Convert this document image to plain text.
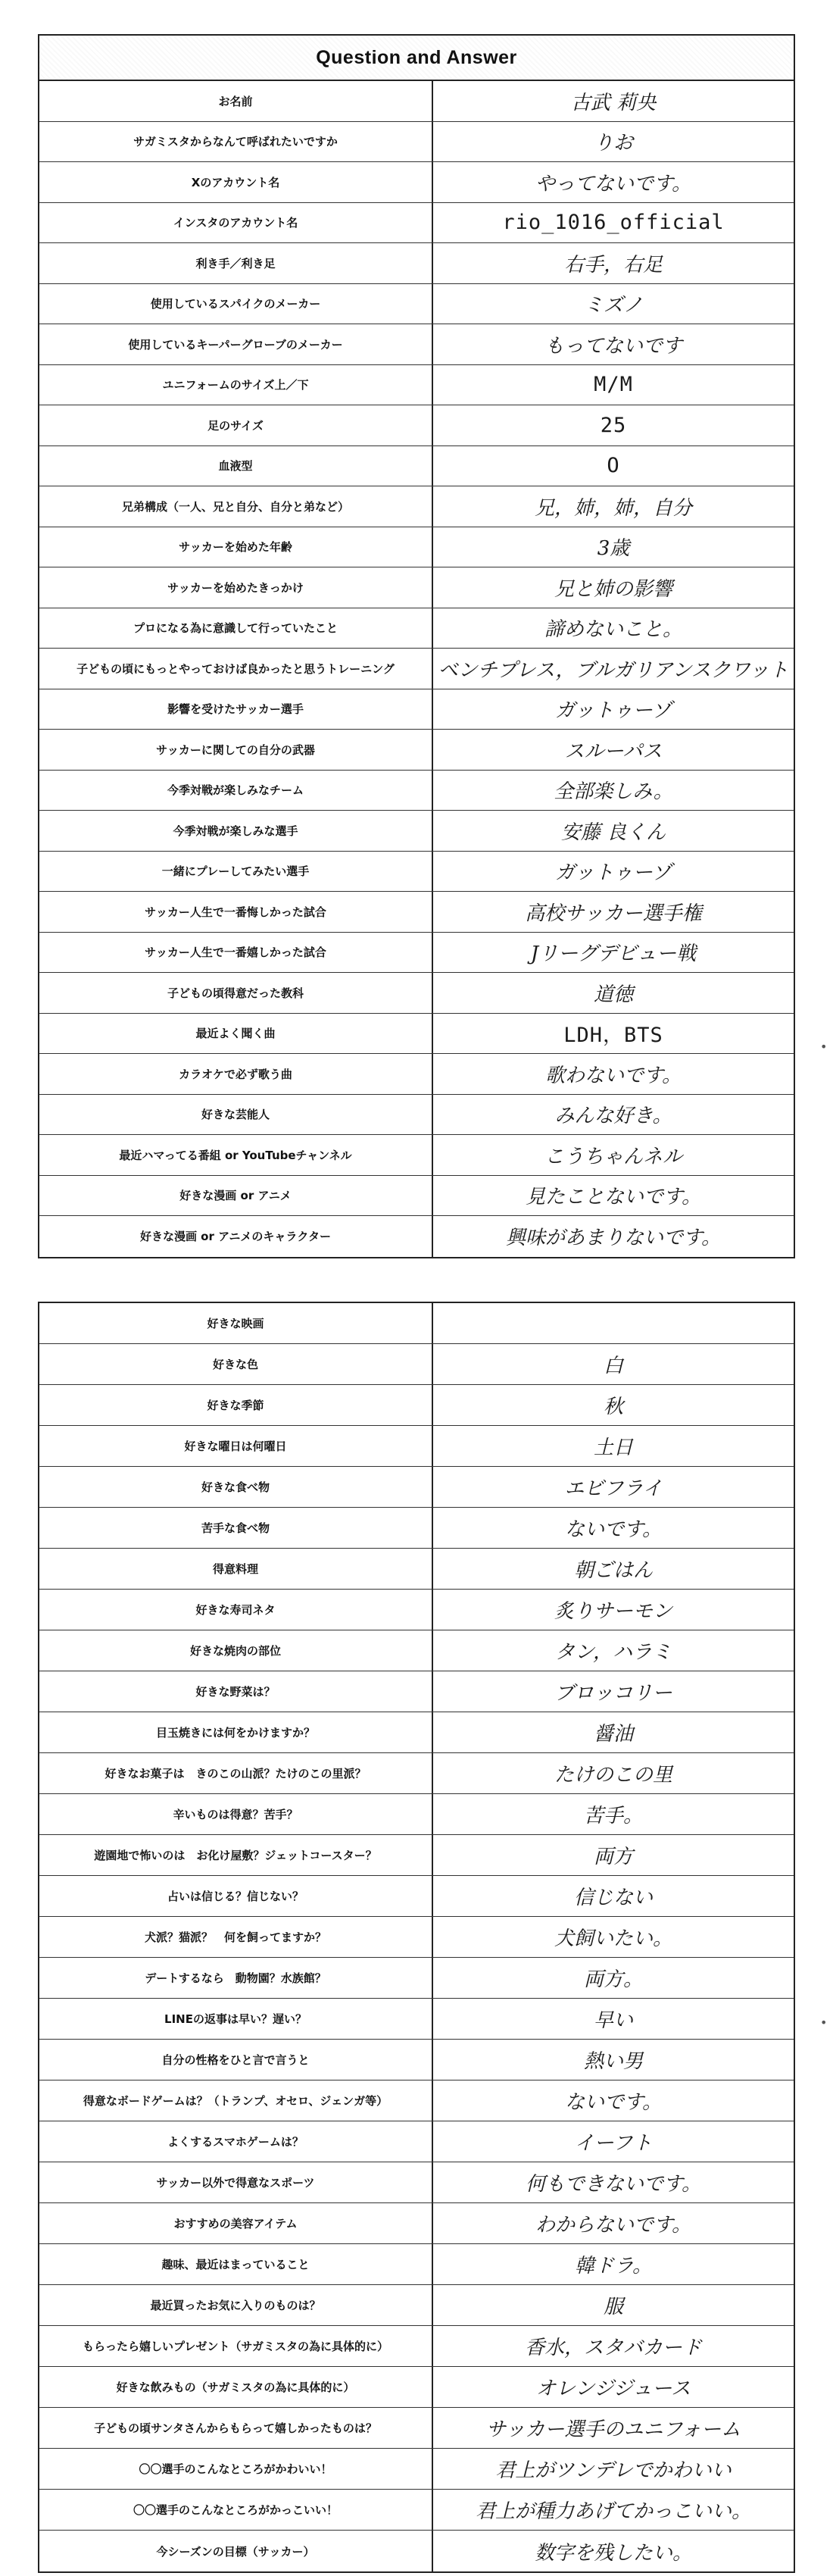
Question and Answer
お名前	古武 莉央
サガミスタからなんて呼ばれたいですか	りお
Xのアカウント名	やってないです。
インスタのアカウント名	rio_1016_official
利き手／利き足	右手，右足
使用しているスパイクのメーカー	ミズノ
使用しているキーパーグローブのメーカー	もってないです
ユニフォームのサイズ上／下	M/M
足のサイズ	25
血液型	O
兄弟構成（一人、兄と自分、自分と弟など）	兄，姉，姉，自分
サッカーを始めた年齢	3歳
サッカーを始めたきっかけ	兄と姉の影響
プロになる為に意識して行っていたこと	諦めないこと。
子どもの頃にもっとやっておけば良かったと思うトレーニング	ベンチプレス，ブルガリアンスクワット
影響を受けたサッカー選手	ガットゥーゾ
サッカーに関しての自分の武器	スルーパス
今季対戦が楽しみなチーム	全部楽しみ。
今季対戦が楽しみな選手	安藤 良くん
一緒にプレーしてみたい選手	ガットゥーゾ
サッカー人生で一番悔しかった試合	高校サッカー選手権
サッカー人生で一番嬉しかった試合	Jリーグデビュー戦
子どもの頃得意だった教科	道徳
最近よく聞く曲	LDH，BTS
カラオケで必ず歌う曲	歌わないです。
好きな芸能人	みんな好き。
最近ハマってる番組 or YouTubeチャンネル	こうちゃんネル
好きな漫画 or アニメ	見たことないです。
好きな漫画 or アニメのキャラクター	興味があまりないです。
好きな映画
好きな色	白
好きな季節	秋
好きな曜日は何曜日	土日
好きな食べ物	エビフライ
苦手な食べ物	ないです。
得意料理	朝ごはん
好きな寿司ネタ	炙りサーモン
好きな焼肉の部位	タン，ハラミ
好きな野菜は？	ブロッコリー
目玉焼きには何をかけますか？	醤油
好きなお菓子は　きのこの山派？たけのこの里派？	たけのこの里
辛いものは得意？苦手？	苦手。
遊園地で怖いのは　お化け屋敷？ジェットコースター？	両方
占いは信じる？信じない？	信じない
犬派？猫派？　何を飼ってますか？	犬飼いたい。
デートするなら　動物園？水族館？	両方。
LINEの返事は早い？遅い？	早い
自分の性格をひと言で言うと	熱い男
得意なボードゲームは？（トランプ、オセロ、ジェンガ等）	ないです。
よくするスマホゲームは？	イーフト
サッカー以外で得意なスポーツ	何もできないです。
おすすめの美容アイテム	わからないです。
趣味、最近はまっていること	韓ドラ。
最近買ったお気に入りのものは？	服
もらったら嬉しいプレゼント（サガミスタの為に具体的に）	香水，スタバカード
好きな飲みもの（サガミスタの為に具体的に）	オレンジジュース
子どもの頃サンタさんからもらって嬉しかったものは？	サッカー選手のユニフォーム
〇〇選手のこんなところがかわいい！	君上がツンデレでかわいい
〇〇選手のこんなところがかっこいい！	君上が種力あげてかっこいい。
今シーズンの目標（サッカー）	数字を残したい。
•
•
